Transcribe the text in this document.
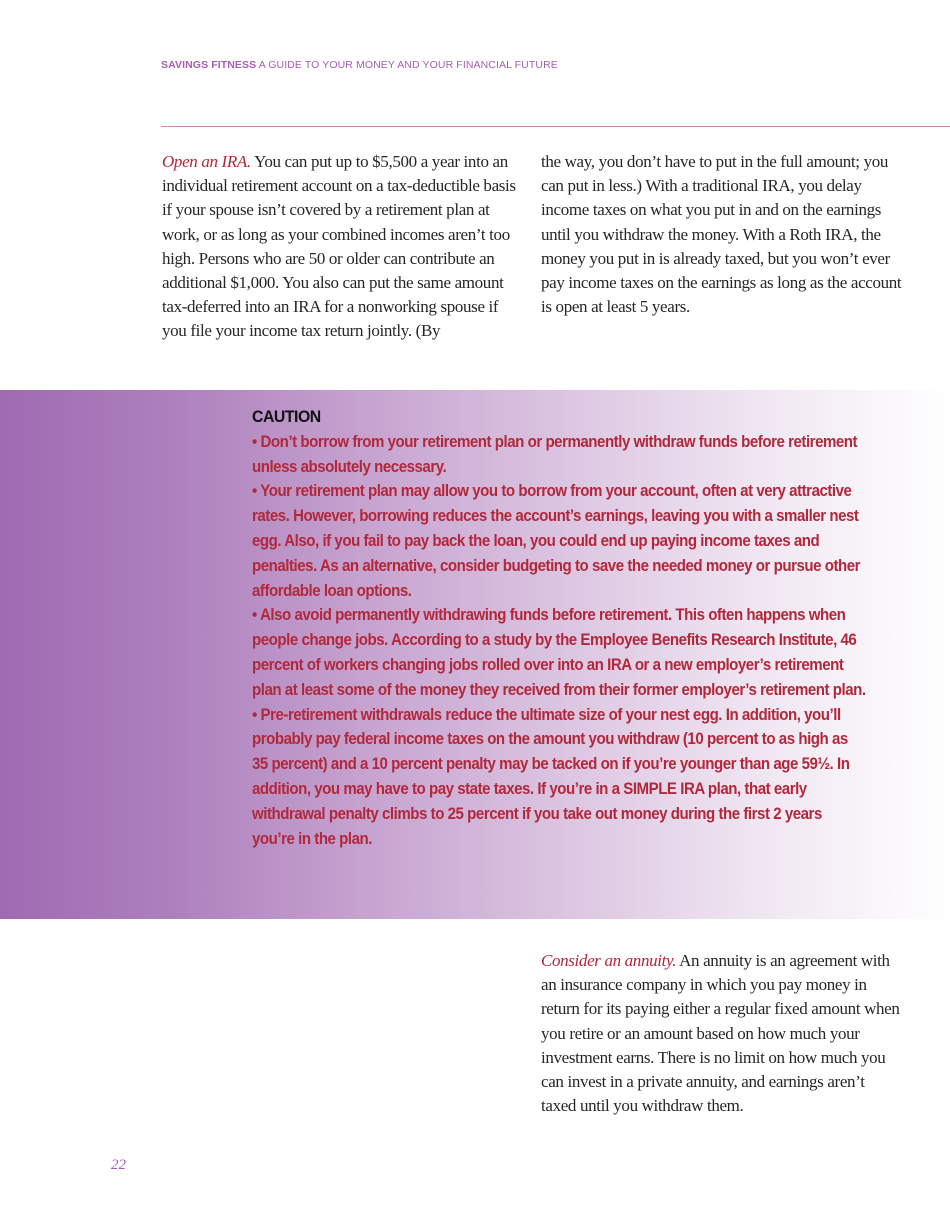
SAVINGS FITNESS A GUIDE TO YOUR MONEY AND YOUR FINANCIAL FUTURE
Open an IRA. You can put up to $5,500 a year into an individual retirement account on a tax-deductible basis if your spouse isn’t covered by a retirement plan at work, or as long as your combined incomes aren’t too high. Persons who are 50 or older can contribute an additional $1,000. You also can put the same amount tax-deferred into an IRA for a nonworking spouse if you file your income tax return jointly. (By
the way, you don’t have to put in the full amount; you can put in less.) With a traditional IRA, you delay income taxes on what you put in and on the earnings until you withdraw the money. With a Roth IRA, the money you put in is already taxed, but you won’t ever pay income taxes on the earnings as long as the account is open at least 5 years.
CAUTION

• Don’t borrow from your retirement plan or permanently withdraw funds before retirement unless absolutely necessary.

• Your retirement plan may allow you to borrow from your account, often at very attractive rates. However, borrowing reduces the account’s earnings, leaving you with a smaller nest egg. Also, if you fail to pay back the loan, you could end up paying income taxes and penalties. As an alternative, consider budgeting to save the needed money or pursue other affordable loan options.

• Also avoid permanently withdrawing funds before retirement. This often happens when people change jobs. According to a study by the Employee Benefits Research Institute, 46 percent of workers changing jobs rolled over into an IRA or a new employer’s retirement plan at least some of the money they received from their former employer’s retirement plan.

• Pre-retirement withdrawals reduce the ultimate size of your nest egg. In addition, you’ll probably pay federal income taxes on the amount you withdraw (10 percent to as high as 35 percent) and a 10 percent penalty may be tacked on if you’re younger than age 59½. In addition, you may have to pay state taxes. If you’re in a SIMPLE IRA plan, that early withdrawal penalty climbs to 25 percent if you take out money during the first 2 years you’re in the plan.

Consider an annuity. An annuity is an agreement with an insurance company in which you pay money in return for its paying either a regular fixed amount when you retire or an amount based on how much your investment earns. There is no limit on how much you can invest in a private annuity, and earnings aren’t taxed until you withdraw them.
22
